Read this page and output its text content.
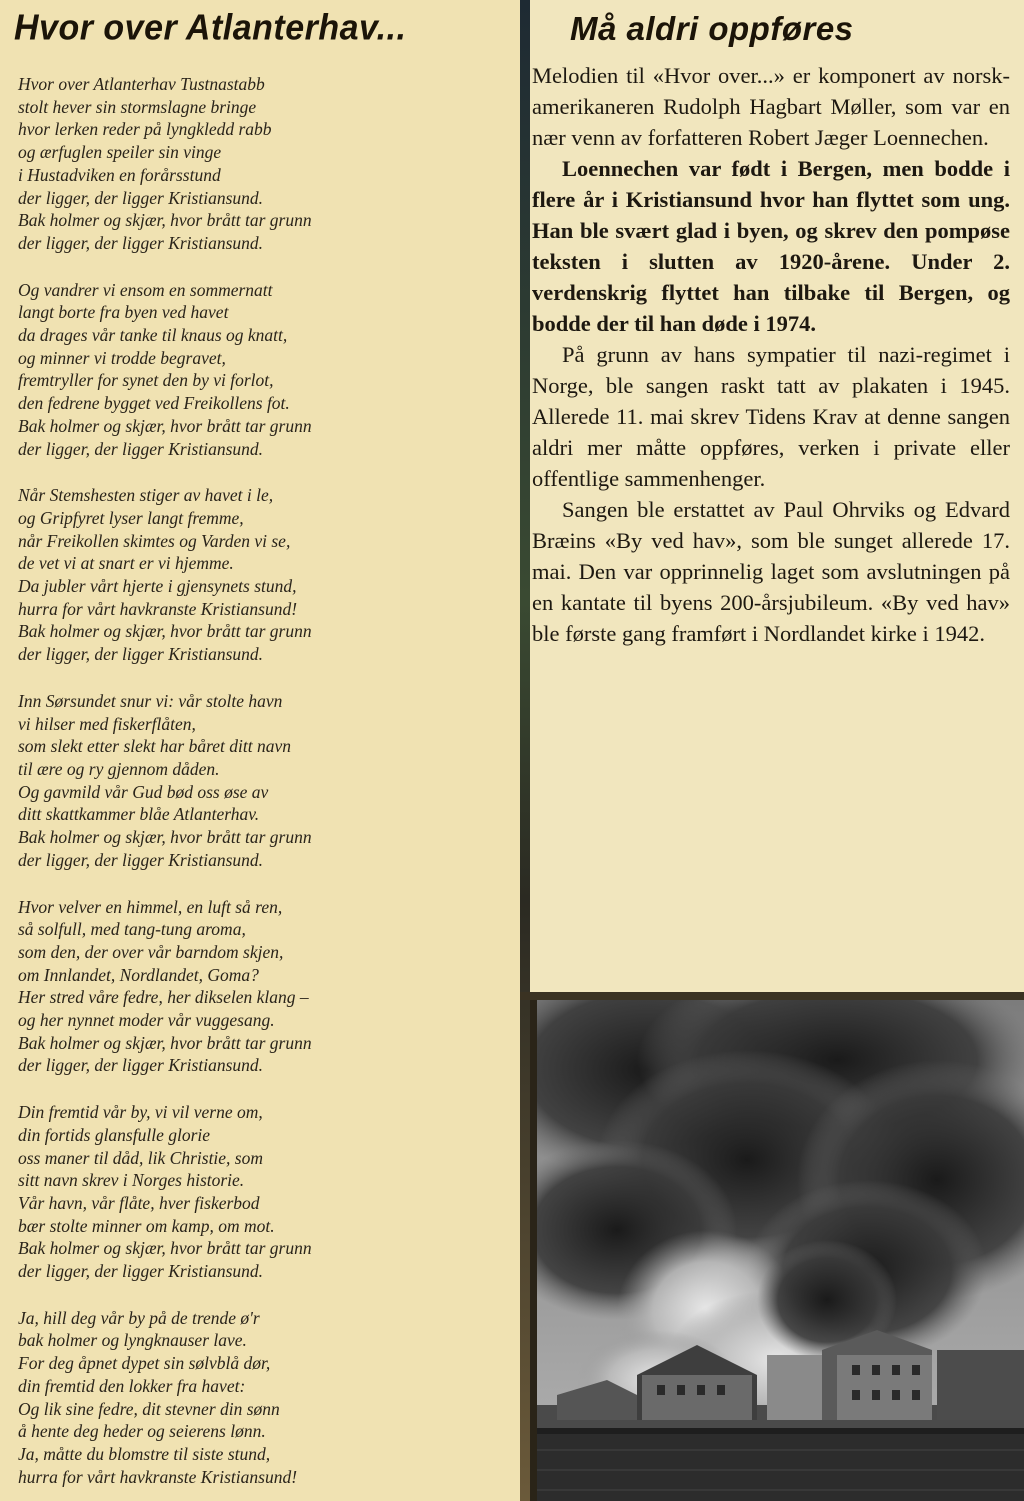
Hvor over Atlanterhav...
Hvor over Atlanterhav Tustnastabb
stolt hever sin stormslagne bringe
hvor lerken reder på lyngkledd rabb
og ærfuglen speiler sin vinge
i Hustadviken en forårsstund
der ligger, der ligger Kristiansund.
Bak holmer og skjær, hvor brått tar grunn
der ligger, der ligger Kristiansund.
Og vandrer vi ensom en sommernatt
langt borte fra byen ved havet
da drages vår tanke til knaus og knatt,
og minner vi trodde begravet,
fremtryller for synet den by vi forlot,
den fedrene bygget ved Freikollens fot.
Bak holmer og skjær, hvor brått tar grunn
der ligger, der ligger Kristiansund.
Når Stemshesten stiger av havet i le,
og Gripfyret lyser langt fremme,
når Freikollen skimtes og Varden vi se,
de vet vi at snart er vi hjemme.
Da jubler vårt hjerte i gjensynets stund,
hurra for vårt havkranste Kristiansund!
Bak holmer og skjær, hvor brått tar grunn
der ligger, der ligger Kristiansund.
Inn Sørsundet snur vi: vår stolte havn
vi hilser med fiskerflåten,
som slekt etter slekt har båret ditt navn
til ære og ry gjennom dåden.
Og gavmild vår Gud bød oss øse av
ditt skattkammer blåe Atlanterhav.
Bak holmer og skjær, hvor brått tar grunn
der ligger, der ligger Kristiansund.
Hvor velver en himmel, en luft så ren,
så solfull, med tang-tung aroma,
som den, der over vår barndom skjen,
om Innlandet, Nordlandet, Goma?
Her stred våre fedre, her dikselen klang –
og her nynnet moder vår vuggesang.
Bak holmer og skjær, hvor brått tar grunn
der ligger, der ligger Kristiansund.
Din fremtid vår by, vi vil verne om,
din fortids glansfulle glorie
oss maner til dåd, lik Christie, som
sitt navn skrev i Norges historie.
Vår havn, vår flåte, hver fiskerbod
bær stolte minner om kamp, om mot.
Bak holmer og skjær, hvor brått tar grunn
der ligger, der ligger Kristiansund.
Ja, hill deg vår by på de trende ø'r
bak holmer og lyngknauser lave.
For deg åpnet dypet sin sølvblå dør,
din fremtid den lokker fra havet:
Og lik sine fedre, dit stevner din sønn
å hente deg heder og seierens lønn.
Ja, måtte du blomstre til siste stund,
hurra for vårt havkranste Kristiansund!
Må aldri oppføres

Melodien til «Hvor over...» er komponert av norsk-amerikaneren Rudolph Hagbart Møller, som var en nær venn av forfatteren Robert Jæger Loennechen.

Loennechen var født i Bergen, men bodde i flere år i Kristiansund hvor han flyttet som ung. Han ble svært glad i byen, og skrev den pompøse teksten i slutten av 1920-årene. Under 2. verdenskrig flyttet han tilbake til Bergen, og bodde der til han døde i 1974.

På grunn av hans sympatier til nazi-regimet i Norge, ble sangen raskt tatt av plakaten i 1945. Allerede 11. mai skrev Tidens Krav at denne sangen aldri mer måtte oppføres, verken i private eller offentlige sammenhenger.

Sangen ble erstattet av Paul Ohrviks og Edvard Bræins «By ved hav», som ble sunget allerede 17. mai. Den var opprinnelig laget som avslutningen på en kantate til byens 200-årsjubileum. «By ved hav» ble første gang framført i Nordlandet kirke i 1942.
